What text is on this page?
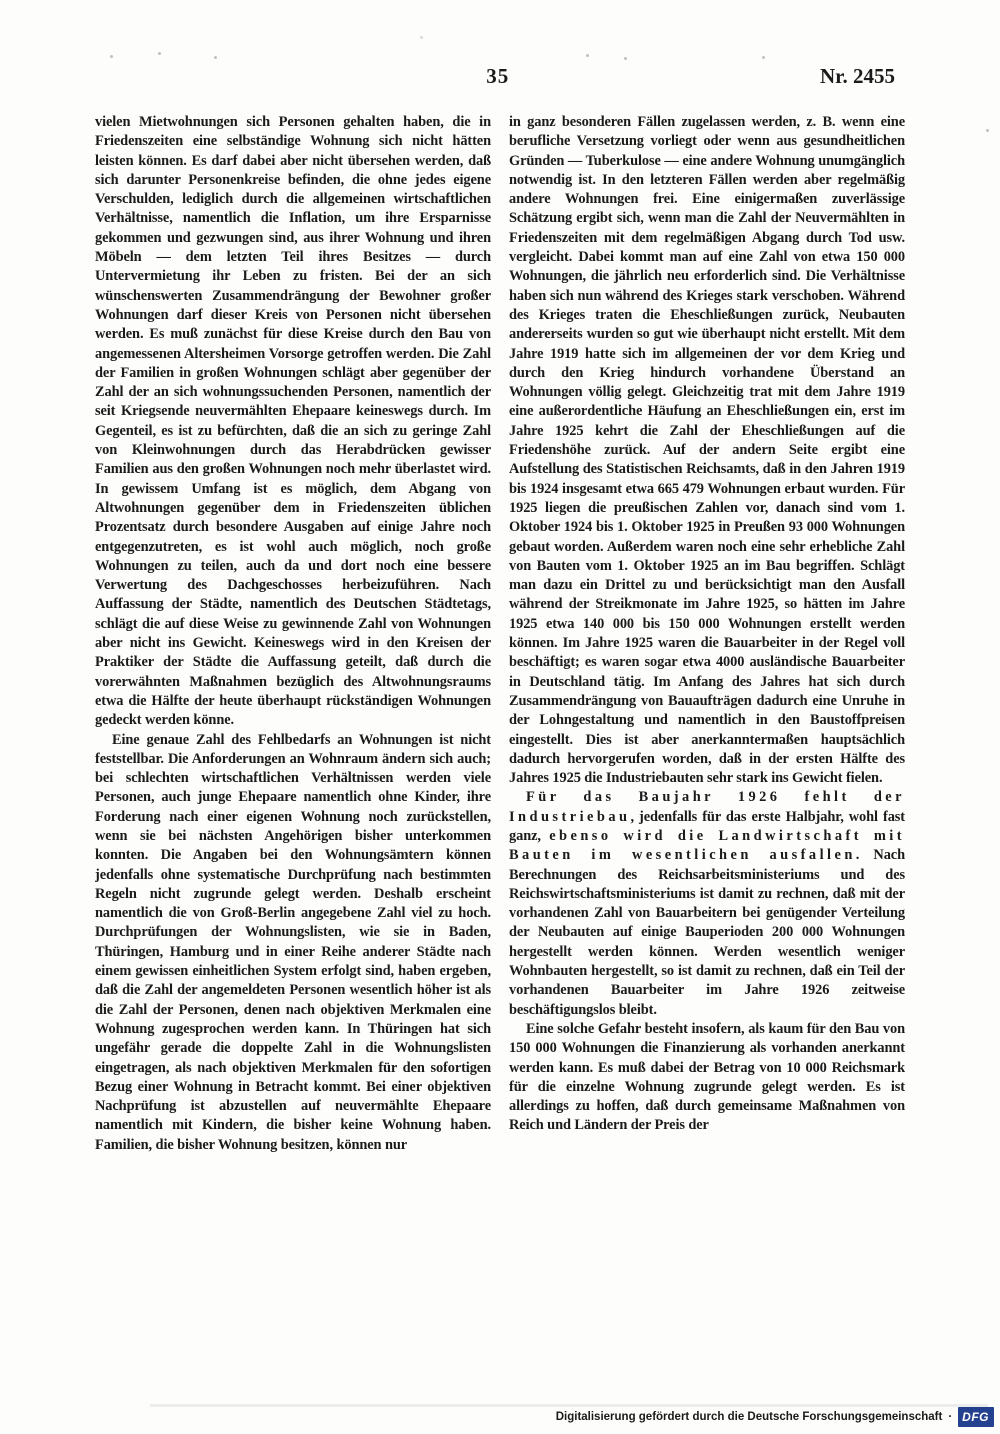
35	Nr. 2455

vielen Mietwohnungen sich Personen gehalten haben, die in Friedenszeiten eine selbständige Wohnung sich nicht hätten leisten können. Es darf dabei aber nicht übersehen werden, daß sich darunter Personenkreise befinden, die ohne jedes eigene Verschulden, lediglich durch die allgemeinen wirtschaftlichen Verhältnisse, namentlich die Inflation, um ihre Ersparnisse gekommen und gezwungen sind, aus ihrer Wohnung und ihren Möbeln — dem letzten Teil ihres Besitzes — durch Untervermietung ihr Leben zu fristen. Bei der an sich wünschenswerten Zusammendrängung der Bewohner großer Wohnungen darf dieser Kreis von Personen nicht übersehen werden. Es muß zunächst für diese Kreise durch den Bau von angemessenen Altersheimen Vorsorge getroffen werden. Die Zahl der Familien in großen Wohnungen schlägt aber gegenüber der Zahl der an sich wohnungssuchenden Personen, namentlich der seit Kriegsende neuvermählten Ehepaare keineswegs durch. Im Gegenteil, es ist zu befürchten, daß die an sich zu geringe Zahl von Kleinwohnungen durch das Herabdrücken gewisser Familien aus den großen Wohnungen noch mehr überlastet wird. In gewissem Umfang ist es möglich, dem Abgang von Altwohnungen gegenüber dem in Friedenszeiten üblichen Prozentsatz durch besondere Ausgaben auf einige Jahre noch entgegenzutreten, es ist wohl auch möglich, noch große Wohnungen zu teilen, auch da und dort noch eine bessere Verwertung des Dachgeschosses herbeizuführen. Nach Auffassung der Städte, namentlich des Deutschen Städtetags, schlägt die auf diese Weise zu gewinnende Zahl von Wohnungen aber nicht ins Gewicht. Keineswegs wird in den Kreisen der Praktiker der Städte die Auffassung geteilt, daß durch die vorerwähnten Maßnahmen bezüglich des Altwohnungsraums etwa die Hälfte der heute überhaupt rückständigen Wohnungen gedeckt werden könne.

Eine genaue Zahl des Fehlbedarfs an Wohnungen ist nicht feststellbar. Die Anforderungen an Wohnraum ändern sich auch; bei schlechten wirtschaftlichen Verhältnissen werden viele Personen, auch junge Ehepaare namentlich ohne Kinder, ihre Forderung nach einer eigenen Wohnung noch zurückstellen, wenn sie bei nächsten Angehörigen bisher unterkommen konnten. Die Angaben bei den Wohnungsämtern können jedenfalls ohne systematische Durchprüfung nach bestimmten Regeln nicht zugrunde gelegt werden. Deshalb erscheint namentlich die von Groß-Berlin angegebene Zahl viel zu hoch. Durchprüfungen der Wohnungslisten, wie sie in Baden, Thüringen, Hamburg und in einer Reihe anderer Städte nach einem gewissen einheitlichen System erfolgt sind, haben ergeben, daß die Zahl der angemeldeten Personen wesentlich höher ist als die Zahl der Personen, denen nach objektiven Merkmalen eine Wohnung zugesprochen werden kann. In Thüringen hat sich ungefähr gerade die doppelte Zahl in die Wohnungslisten eingetragen, als nach objektiven Merkmalen für den sofortigen Bezug einer Wohnung in Betracht kommt. Bei einer objektiven Nachprüfung ist abzustellen auf neuvermählte Ehepaare namentlich mit Kindern, die bisher keine Wohnung haben. Familien, die bisher Wohnung besitzen, können nur

in ganz besonderen Fällen zugelassen werden, z. B. wenn eine berufliche Versetzung vorliegt oder wenn aus gesundheitlichen Gründen — Tuberkulose — eine andere Wohnung unumgänglich notwendig ist. In den letzteren Fällen werden aber regelmäßig andere Wohnungen frei. Eine einigermaßen zuverlässige Schätzung ergibt sich, wenn man die Zahl der Neuvermählten in Friedenszeiten mit dem regelmäßigen Abgang durch Tod usw. vergleicht. Dabei kommt man auf eine Zahl von etwa 150 000 Wohnungen, die jährlich neu erforderlich sind. Die Verhältnisse haben sich nun während des Krieges stark verschoben. Während des Krieges traten die Eheschließungen zurück, Neubauten andererseits wurden so gut wie überhaupt nicht erstellt. Mit dem Jahre 1919 hatte sich im allgemeinen der vor dem Krieg und durch den Krieg hindurch vorhandene Überstand an Wohnungen völlig gelegt. Gleichzeitig trat mit dem Jahre 1919 eine außerordentliche Häufung an Eheschließungen ein, erst im Jahre 1925 kehrt die Zahl der Eheschließungen auf die Friedenshöhe zurück. Auf der andern Seite ergibt eine Aufstellung des Statistischen Reichsamts, daß in den Jahren 1919 bis 1924 insgesamt etwa 665 479 Wohnungen erbaut wurden. Für 1925 liegen die preußischen Zahlen vor, danach sind vom 1. Oktober 1924 bis 1. Oktober 1925 in Preußen 93 000 Wohnungen gebaut worden. Außerdem waren noch eine sehr erhebliche Zahl von Bauten vom 1. Oktober 1925 an im Bau begriffen. Schlägt man dazu ein Drittel zu und berücksichtigt man den Ausfall während der Streikmonate im Jahre 1925, so hätten im Jahre 1925 etwa 140 000 bis 150 000 Wohnungen erstellt werden können. Im Jahre 1925 waren die Bauarbeiter in der Regel voll beschäftigt; es waren sogar etwa 4000 ausländische Bauarbeiter in Deutschland tätig. Im Anfang des Jahres hat sich durch Zusammendrängung von Bauaufträgen dadurch eine Unruhe in der Lohngestaltung und namentlich in den Baustoffpreisen eingestellt. Dies ist aber anerkanntermaßen hauptsächlich dadurch hervorgerufen worden, daß in der ersten Hälfte des Jahres 1925 die Industriebauten sehr stark ins Gewicht fielen.

Für das Baujahr 1926 fehlt der Industriebau, jedenfalls für das erste Halbjahr, wohl fast ganz, ebenso wird die Landwirtschaft mit Bauten im wesentlichen ausfallen. Nach Berechnungen des Reichsarbeitsministeriums und des Reichswirtschaftsministeriums ist damit zu rechnen, daß mit der vorhandenen Zahl von Bauarbeitern bei genügender Verteilung der Neubauten auf einige Bauperioden 200 000 Wohnungen hergestellt werden können. Werden wesentlich weniger Wohnbauten hergestellt, so ist damit zu rechnen, daß ein Teil der vorhandenen Bauarbeiter im Jahre 1926 zeitweise beschäftigungslos bleibt.

Eine solche Gefahr besteht insofern, als kaum für den Bau von 150 000 Wohnungen die Finanzierung als vorhanden anerkannt werden kann. Es muß dabei der Betrag von 10 000 Reichsmark für die einzelne Wohnung zugrunde gelegt werden. Es ist allerdings zu hoffen, daß durch gemeinsame Maßnahmen von Reich und Ländern der Preis der

Digitalisierung gefördert durch die Deutsche Forschungsgemeinschaft · DFG
